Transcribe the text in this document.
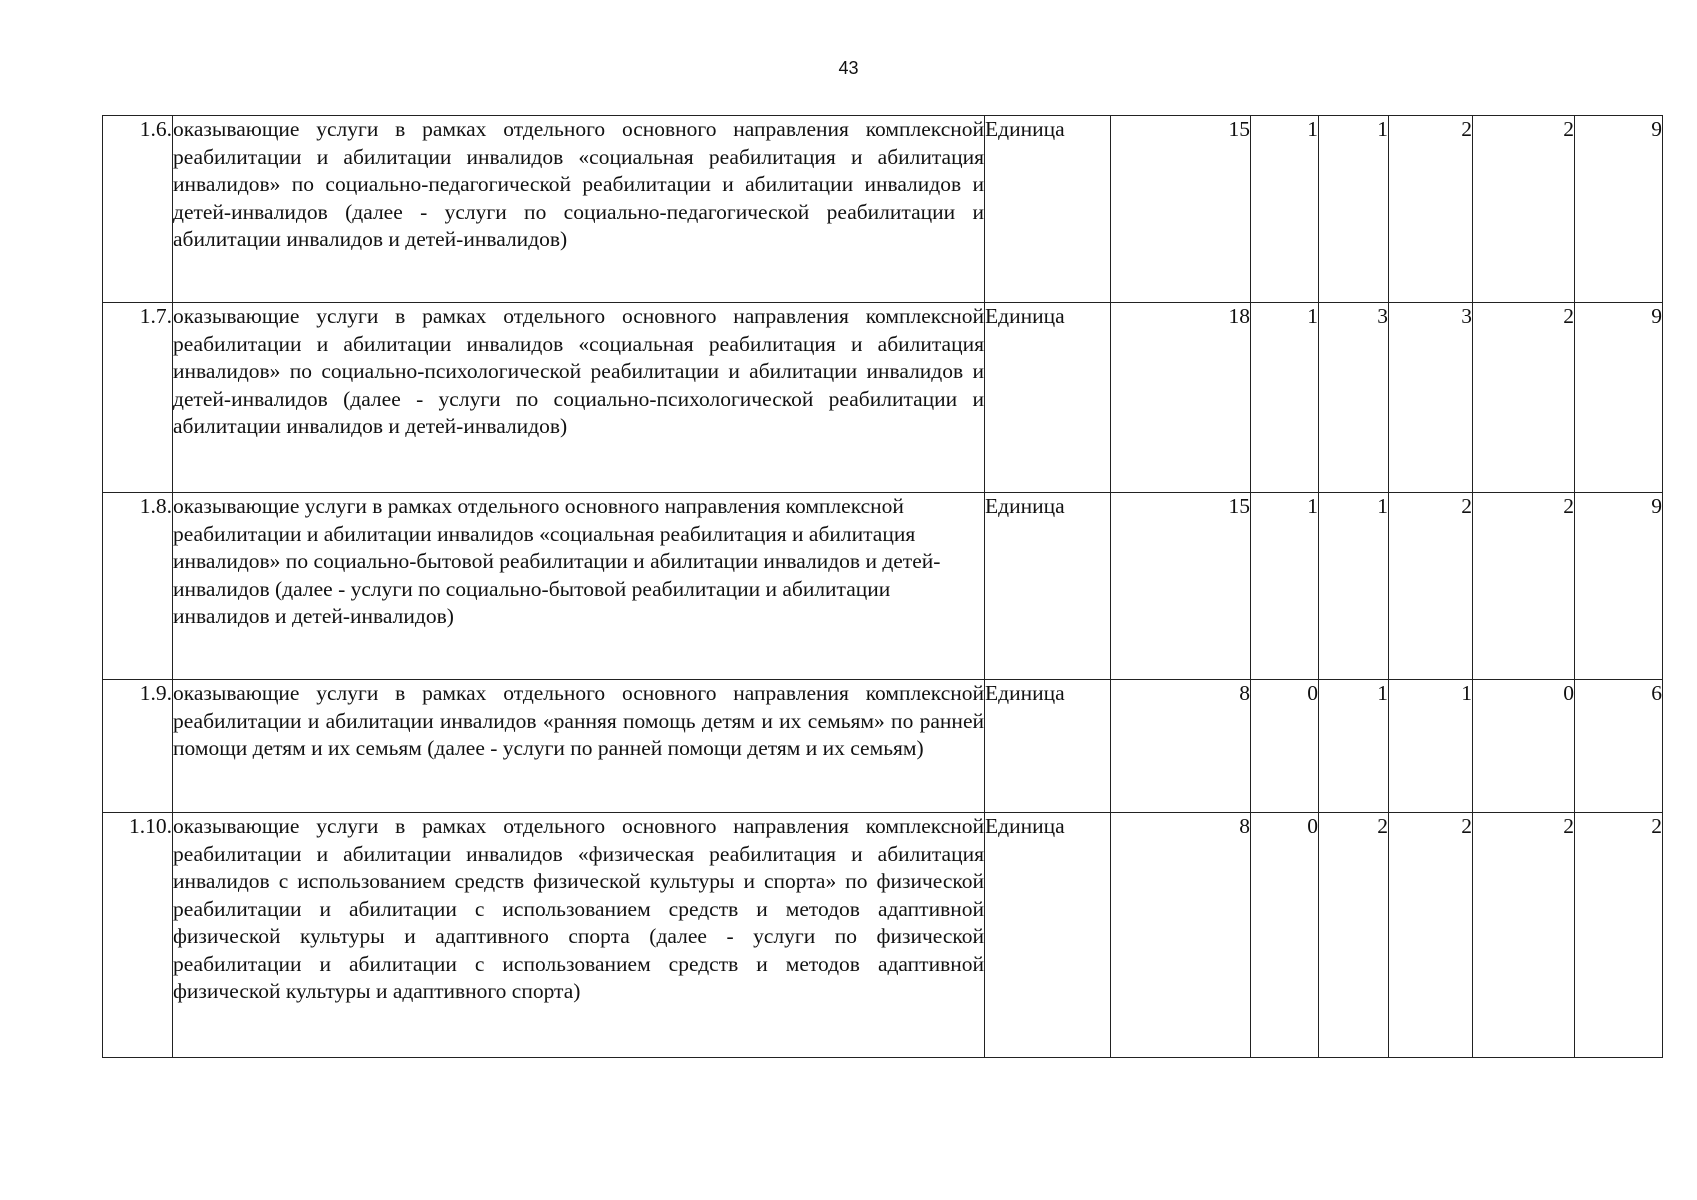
43
1.6.	оказывающие услуги в рамках отдельного основного направления комплексной реабилитации и абилитации инвалидов «социальная реабилитация и абилитация инвалидов» по социально-педагогической реабилитации и абилитации инвалидов и детей-инвалидов (далее - услуги по социально-педагогической реабилитации и абилитации инвалидов и детей-инвалидов)	Единица	15	1	1	2	2	9
1.7.	оказывающие услуги в рамках отдельного основного направления комплексной реабилитации и абилитации инвалидов «социальная реабилитация и абилитация инвалидов» по социально-психологической реабилитации и абилитации инвалидов и детей-инвалидов (далее - услуги по социально-психологической реабилитации и абилитации инвалидов и детей-инвалидов)	Единица	18	1	3	3	2	9
1.8.	оказывающие услуги в рамках отдельного основного направления комплексной реабилитации и абилитации инвалидов «социальная реабилитация и абилитация инвалидов» по социально-бытовой реабилитации и абилитации инвалидов и детей-инвалидов (далее - услуги по социально-бытовой реабилитации и абилитации инвалидов и детей-инвалидов)	Единица	15	1	1	2	2	9
1.9.	оказывающие услуги в рамках отдельного основного направления комплексной реабилитации и абилитации инвалидов «ранняя помощь детям и их семьям» по ранней помощи детям и их семьям (далее - услуги по ранней помощи детям и их семьям)	Единица	8	0	1	1	0	6
1.10.	оказывающие услуги в рамках отдельного основного направления комплексной реабилитации и абилитации инвалидов «физическая реабилитация и абилитация инвалидов с использованием средств физической культуры и спорта» по физической реабилитации и абилитации с использованием средств и методов адаптивной физической культуры и адаптивного спорта (далее - услуги по физической реабилитации и абилитации с использованием средств и методов адаптивной физической культуры и адаптивного спорта)	Единица	8	0	2	2	2	2
